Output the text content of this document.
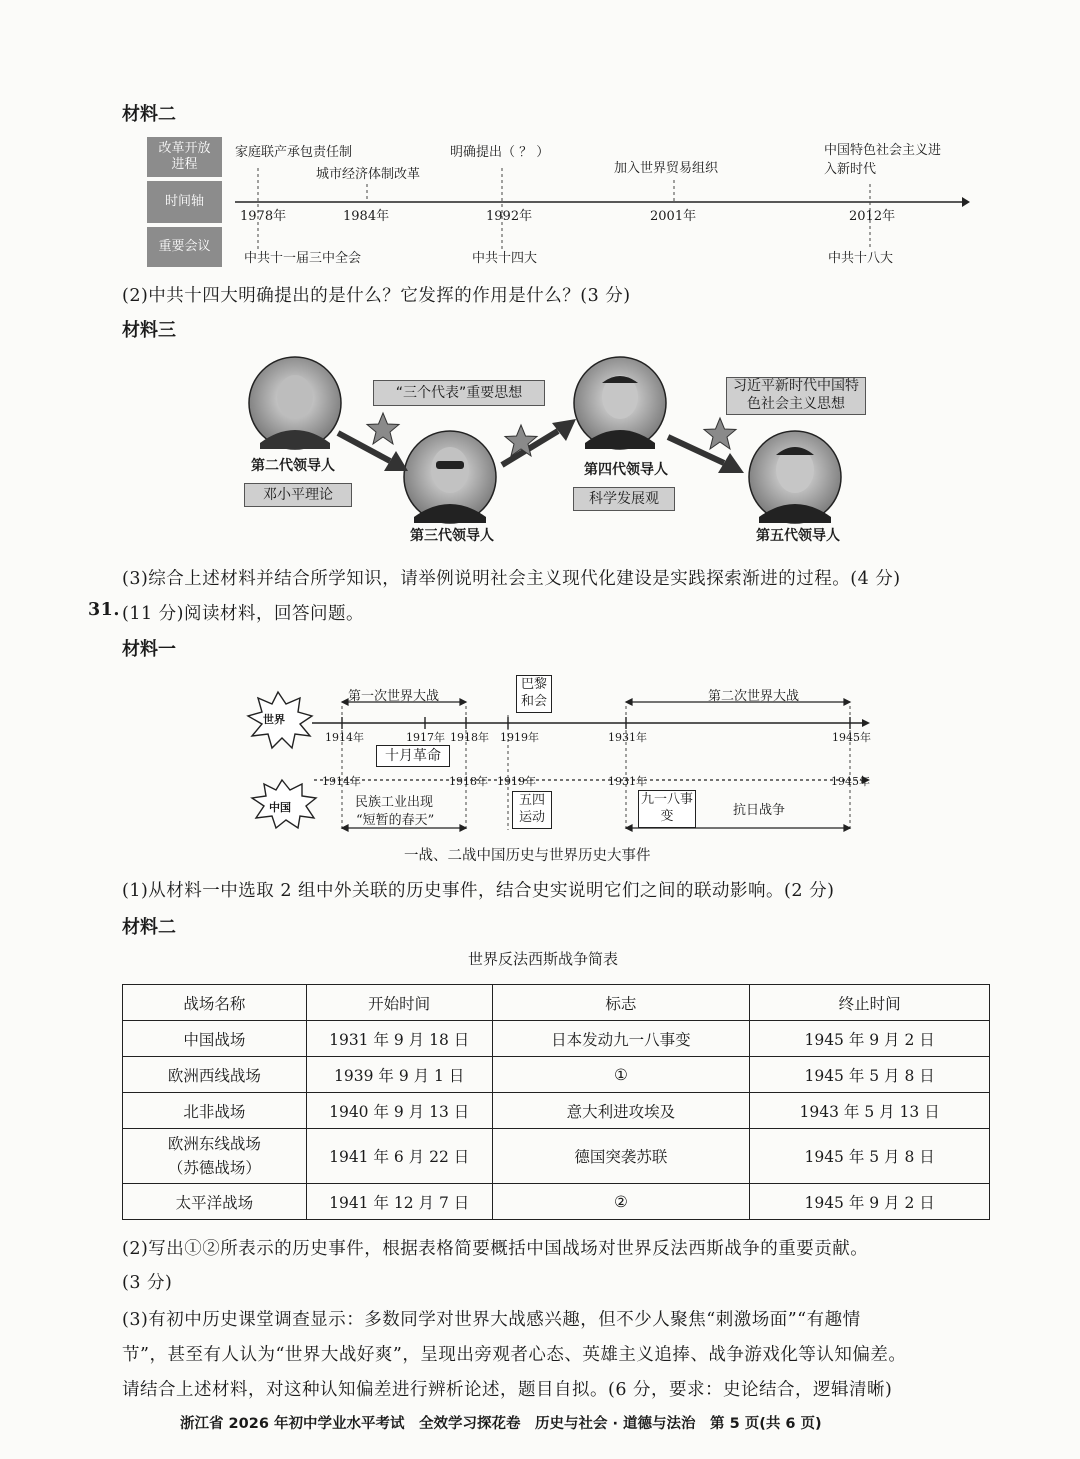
材料二
改革开放进程
时间轴
重要会议
家庭联产承包责任制
城市经济体制改革
明确提出（ ？ ）
加入世界贸易组织
中国特色社会主义进入新时代
1978年	1984年	1992年	2001年	2012年
中共十一届三中全会	中共十四大	中共十八大
(2)中共十四大明确提出的是什么？它发挥的作用是什么？(3 分)
材料三
第二代领导人
第三代领导人
第四代领导人
第五代领导人
邓小平理论
“三个代表”重要思想
科学发展观
习近平新时代中国特色社会主义思想
(3)综合上述材料并结合所学知识，请举例说明社会主义现代化建设是实践探索渐进的过程。(4 分)
31. (11 分)阅读材料，回答问题。
材料一
世界
中国
第一次世界大战	第二次世界大战
巴黎和会
1914年	1917年 1918年 1919年	1931年	1945年
十月革命
1914年	1918年 1919年	1931年	1945年
民族工业出现
“短暂的春天”
五四运动
九一八事变	抗日战争
一战、二战中国历史与世界历史大事件
(1)从材料一中选取 2 组中外关联的历史事件，结合史实说明它们之间的联动影响。(2 分)
材料二
世界反法西斯战争简表
战场名称	开始时间	标志	终止时间
中国战场	1931 年 9 月 18 日	日本发动九一八事变	1945 年 9 月 2 日
欧洲西线战场	1939 年 9 月 1 日	①	1945 年 5 月 8 日
北非战场	1940 年 9 月 13 日	意大利进攻埃及	1943 年 5 月 13 日
欧洲东线战场
（苏德战场）	1941 年 6 月 22 日	德国突袭苏联	1945 年 5 月 8 日
太平洋战场	1941 年 12 月 7 日	②	1945 年 9 月 2 日
(2)写出①②所表示的历史事件，根据表格简要概括中国战场对世界反法西斯战争的重要贡献。
(3 分)
(3)有初中历史课堂调查显示：多数同学对世界大战感兴趣，但不少人聚焦“刺激场面”“有趣情
节”，甚至有人认为“世界大战好爽”，呈现出旁观者心态、英雄主义追捧、战争游戏化等认知偏差。
请结合上述材料，对这种认知偏差进行辨析论述，题目自拟。(6 分，要求：史论结合，逻辑清晰)
浙江省 2026 年初中学业水平考试　全效学习探花卷　历史与社会 · 道德与法治　第 5 页(共 6 页)
